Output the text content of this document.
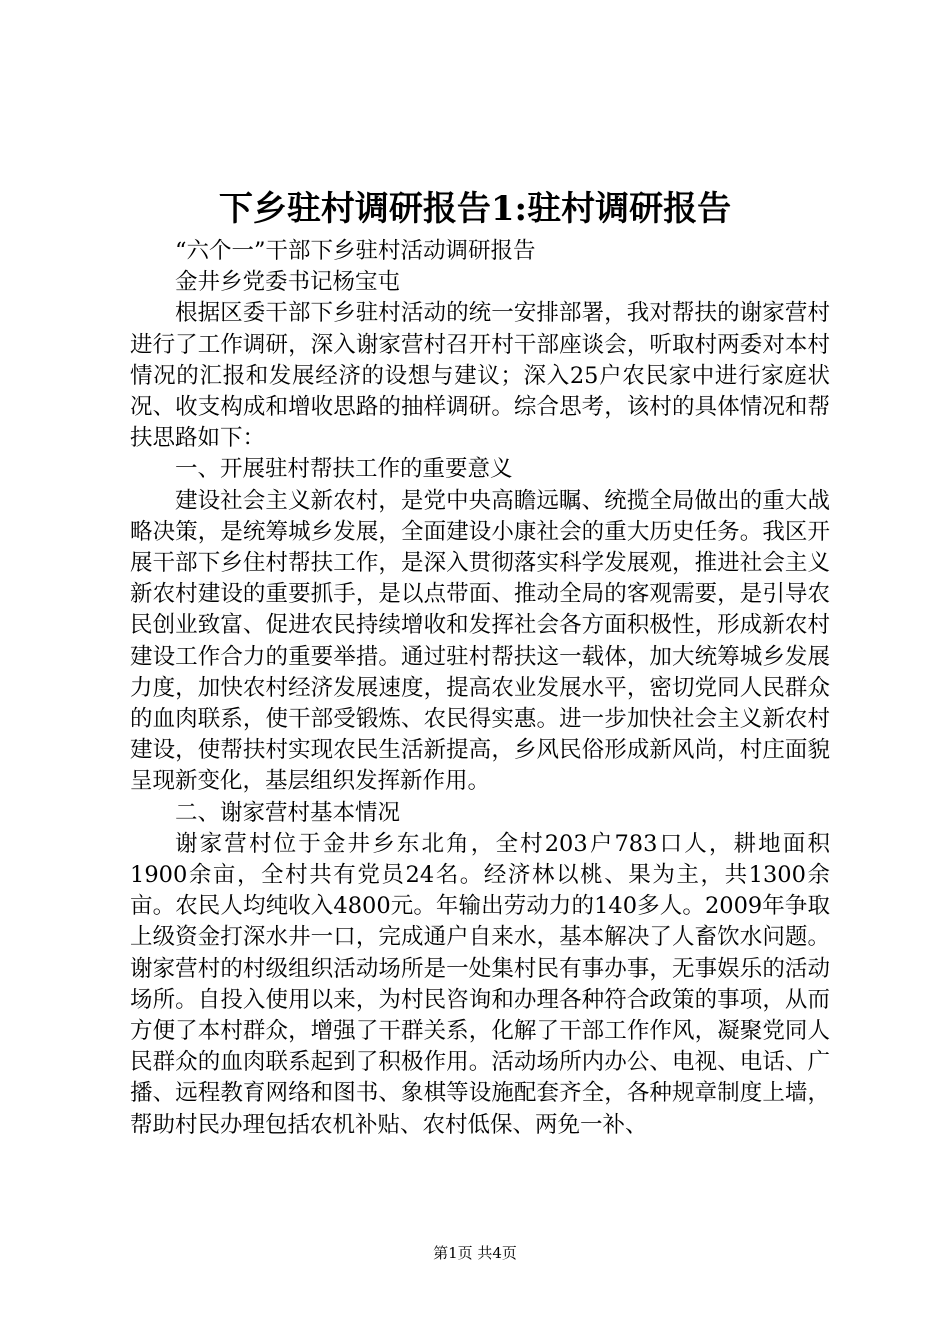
下乡驻村调研报告1:驻村调研报告

“六个一”干部下乡驻村活动调研报告

金井乡党委书记杨宝屯

根据区委干部下乡驻村活动的统一安排部署，我对帮扶的谢家营村进行了工作调研，深入谢家营村召开村干部座谈会，听取村两委对本村情况的汇报和发展经济的设想与建议；深入25户农民家中进行家庭状况、收支构成和增收思路的抽样调研。综合思考，该村的具体情况和帮扶思路如下：

一、开展驻村帮扶工作的重要意义

建设社会主义新农村，是党中央高瞻远瞩、统揽全局做出的重大战略决策，是统筹城乡发展，全面建设小康社会的重大历史任务。我区开展干部下乡住村帮扶工作，是深入贯彻落实科学发展观，推进社会主义新农村建设的重要抓手，是以点带面、推动全局的客观需要，是引导农民创业致富、促进农民持续增收和发挥社会各方面积极性，形成新农村建设工作合力的重要举措。通过驻村帮扶这一载体，加大统筹城乡发展力度，加快农村经济发展速度，提高农业发展水平，密切党同人民群众的血肉联系，使干部受锻炼、农民得实惠。进一步加快社会主义新农村建设，使帮扶村实现农民生活新提高，乡风民俗形成新风尚，村庄面貌呈现新变化，基层组织发挥新作用。

二、谢家营村基本情况

谢家营村位于金井乡东北角，全村203户783口人，耕地面积1900余亩，全村共有党员24名。经济林以桃、果为主，共1300余亩。农民人均纯收入4800元。年输出劳动力的140多人。2009年争取上级资金打深水井一口，完成通户自来水，基本解决了人畜饮水问题。谢家营村的村级组织活动场所是一处集村民有事办事，无事娱乐的活动场所。自投入使用以来，为村民咨询和办理各种符合政策的事项，从而方便了本村群众，增强了干群关系，化解了干部工作作风，凝聚党同人民群众的血肉联系起到了积极作用。活动场所内办公、电视、电话、广播、远程教育网络和图书、象棋等设施配套齐全，各种规章制度上墙，帮助村民办理包括农机补贴、农村低保、两免一补、

第1页 共4页
